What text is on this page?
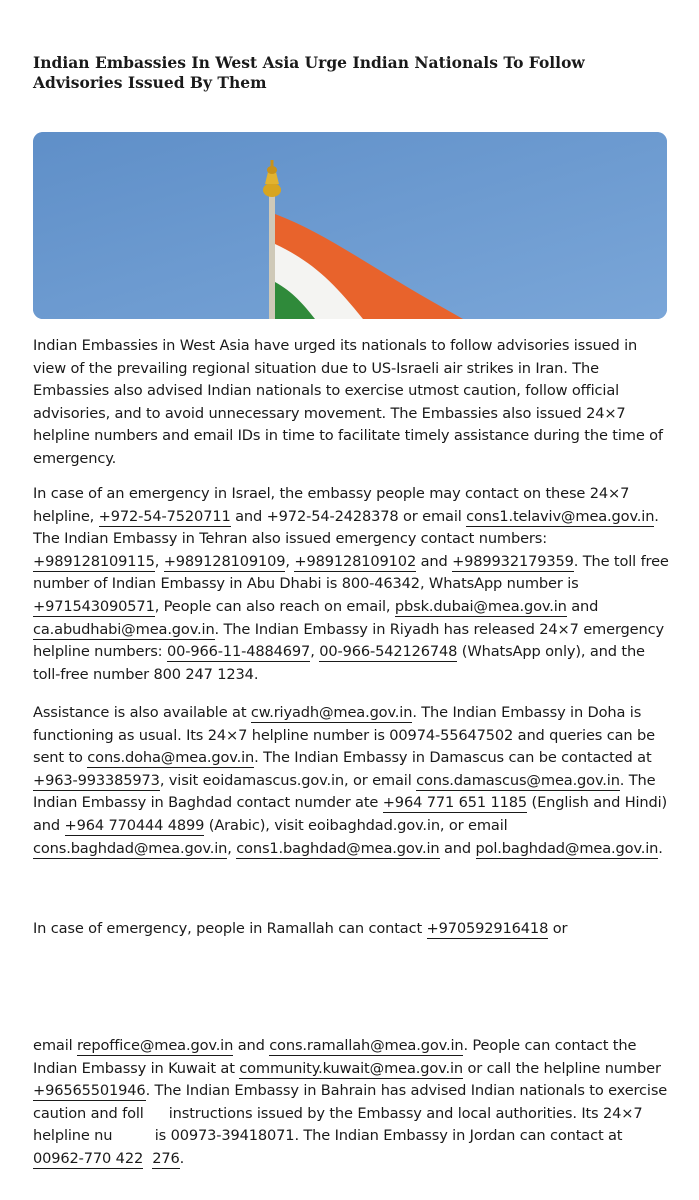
Indian Embassies In West Asia Urge Indian Nationals To Follow Advisories Issued By Them

Indian Embassies in West Asia have urged its nationals to follow advisories issued in view of the prevailing regional situation due to US-Israeli air strikes in Iran. The Embassies also advised Indian nationals to exercise utmost caution, follow official advisories, and to avoid unnecessary movement. The Embassies also issued 24×7 helpline numbers and email IDs in time to facilitate timely assistance during the time of emergency.

In case of an emergency in Israel, the embassy people may contact on these 24×7 helpline, +972-54-7520711 and +972-54-2428378 or email cons1.telaviv@mea.gov.in. The Indian Embassy in Tehran also issued emergency contact numbers: +989128109115, +989128109109, +989128109102 and +989932179359. The toll free number of Indian Embassy in Abu Dhabi is 800-46342, WhatsApp number is +971543090571, People can also reach on email, pbsk.dubai@mea.gov.in and ca.abudhabi@mea.gov.in. The Indian Embassy in Riyadh has released 24×7 emergency helpline numbers: 00-966-11-4884697, 00-966-542126748 (WhatsApp only), and the toll-free number 800 247 1234.

Assistance is also available at cw.riyadh@mea.gov.in. The Indian Embassy in Doha is functioning as usual. Its 24×7 helpline number is 00974-55647502 and queries can be sent to cons.doha@mea.gov.in. The Indian Embassy in Damascus can be contacted at +963-993385973, visit eoidamascus.gov.in, or email cons.damascus@mea.gov.in. The Indian Embassy in Baghdad contact numder ate +964 771 651 1185 (English and Hindi) and +964 770444 4899 (Arabic), visit eoibaghdad.gov.in, or email cons.baghdad@mea.gov.in, cons1.baghdad@mea.gov.in and pol.baghdad@mea.gov.in.

In case of emergency, people in Ramallah can contact +970592916418 or

email repoffice@mea.gov.in and cons.ramallah@mea.gov.in. People can contact the Indian Embassy in Kuwait at community.kuwait@mea.gov.in or call the helpline number +96565501946. The Indian Embassy in Bahrain has advised Indian nationals to exercise caution and foll instructions issued by the Embassy and local authorities. Its 24×7 helpline nu	is 00973-39418071. The Indian Embassy in Jordan can contact at 00962-770 422 276.
